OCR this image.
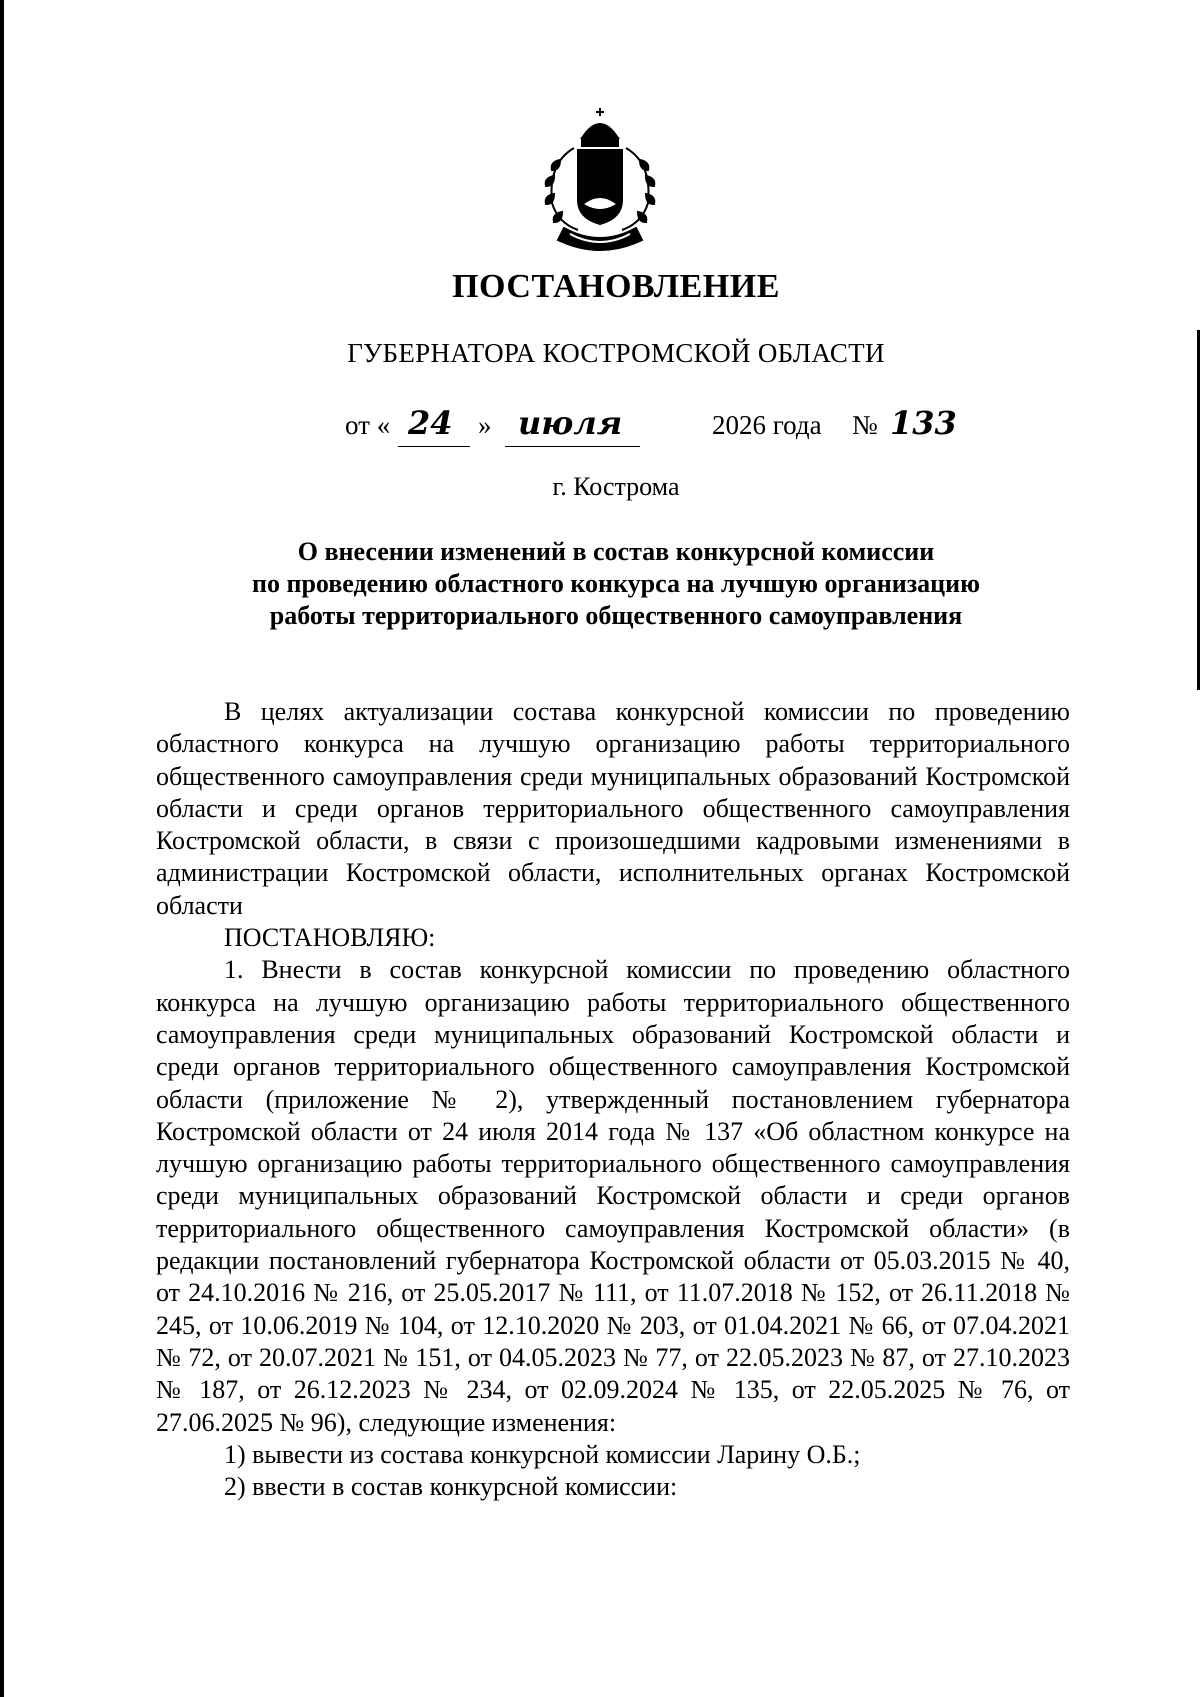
ПОСТАНОВЛЕНИЕ
ГУБЕРНАТОРА КОСТРОМСКОЙ ОБЛАСТИ
от « 24 » июля	2026 года № 133
г. Кострома
О внесении изменений в состав конкурсной комиссии
по проведению областного конкурса на лучшую организацию
работы территориального общественного самоуправления

В целях актуализации состава конкурсной комиссии по проведению областного конкурса на лучшую организацию работы территориального общественного самоуправления среди муниципальных образований Костромской области и среди органов территориального общественного самоуправления Костромской области, в связи с произошедшими кадровыми изменениями в администрации Костромской области, исполнительных органах Костромской области

ПОСТАНОВЛЯЮ:

1. Внести в состав конкурсной комиссии по проведению областного конкурса на лучшую организацию работы территориального общественного самоуправления среди муниципальных образований Костромской области и среди органов территориального общественного самоуправления Костромской области (приложение № 2), утвержденный постановлением губернатора Костромской области от 24 июля 2014 года № 137 «Об областном конкурсе на лучшую организацию работы территориального общественного самоуправления среди муниципальных образований Костромской области и среди органов территориального общественного самоуправления Костромской области» (в редакции постановлений губернатора Костромской области от 05.03.2015 № 40, от 24.10.2016 № 216, от 25.05.2017 № 111, от 11.07.2018 № 152, от 26.11.2018 № 245, от 10.06.2019 № 104, от 12.10.2020 № 203, от 01.04.2021 № 66, от 07.04.2021 № 72, от 20.07.2021 № 151, от 04.05.2023 № 77, от 22.05.2023 № 87, от 27.10.2023 № 187, от 26.12.2023 № 234, от 02.09.2024 № 135, от 22.05.2025 № 76, от 27.06.2025 № 96), следующие изменения:

1) вывести из состава конкурсной комиссии Ларину О.Б.;

2) ввести в состав конкурсной комиссии:
